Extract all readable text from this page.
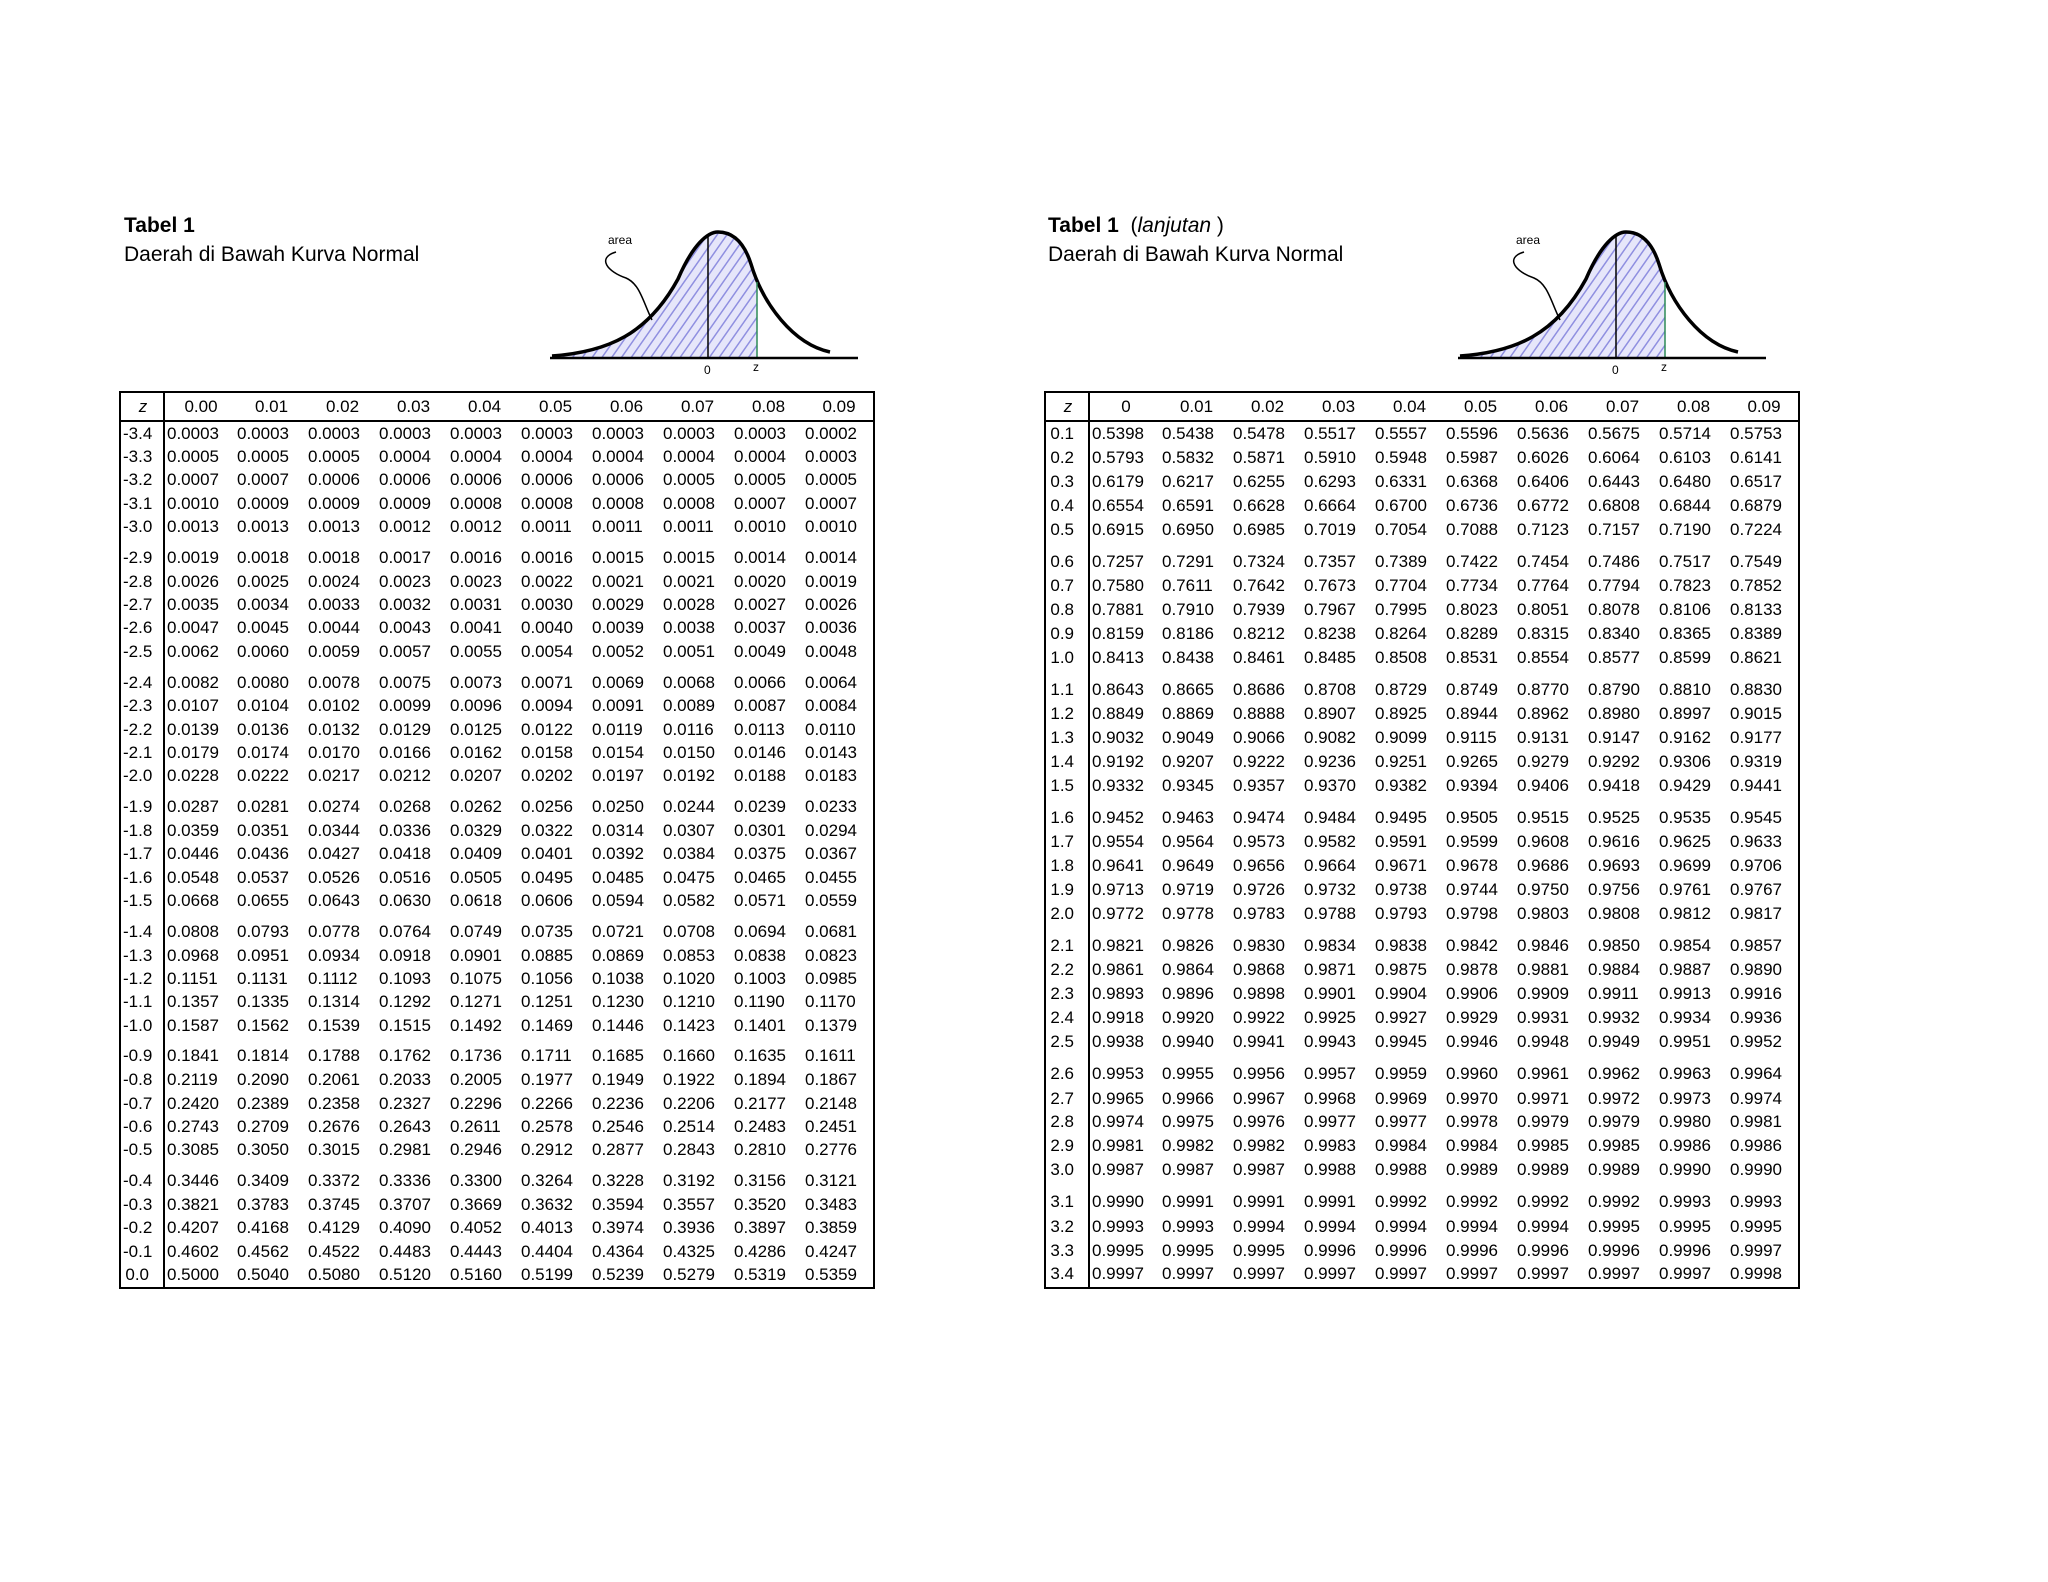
Tabel 1
Daerah di Bawah Kurva Normal
area
0	z
z	0.00	0.01	0.02	0.03	0.04	0.05	0.06	0.07	0.08	0.09
-3.4	0.0003	0.0003	0.0003	0.0003	0.0003	0.0003	0.0003	0.0003	0.0003	0.0002
-3.3	0.0005	0.0005	0.0005	0.0004	0.0004	0.0004	0.0004	0.0004	0.0004	0.0003
-3.2	0.0007	0.0007	0.0006	0.0006	0.0006	0.0006	0.0006	0.0005	0.0005	0.0005
-3.1	0.0010	0.0009	0.0009	0.0009	0.0008	0.0008	0.0008	0.0008	0.0007	0.0007
-3.0	0.0013	0.0013	0.0013	0.0012	0.0012	0.0011	0.0011	0.0011	0.0010	0.0010
-2.9	0.0019	0.0018	0.0018	0.0017	0.0016	0.0016	0.0015	0.0015	0.0014	0.0014
-2.8	0.0026	0.0025	0.0024	0.0023	0.0023	0.0022	0.0021	0.0021	0.0020	0.0019
-2.7	0.0035	0.0034	0.0033	0.0032	0.0031	0.0030	0.0029	0.0028	0.0027	0.0026
-2.6	0.0047	0.0045	0.0044	0.0043	0.0041	0.0040	0.0039	0.0038	0.0037	0.0036
-2.5	0.0062	0.0060	0.0059	0.0057	0.0055	0.0054	0.0052	0.0051	0.0049	0.0048
-2.4	0.0082	0.0080	0.0078	0.0075	0.0073	0.0071	0.0069	0.0068	0.0066	0.0064
-2.3	0.0107	0.0104	0.0102	0.0099	0.0096	0.0094	0.0091	0.0089	0.0087	0.0084
-2.2	0.0139	0.0136	0.0132	0.0129	0.0125	0.0122	0.0119	0.0116	0.0113	0.0110
-2.1	0.0179	0.0174	0.0170	0.0166	0.0162	0.0158	0.0154	0.0150	0.0146	0.0143
-2.0	0.0228	0.0222	0.0217	0.0212	0.0207	0.0202	0.0197	0.0192	0.0188	0.0183
-1.9	0.0287	0.0281	0.0274	0.0268	0.0262	0.0256	0.0250	0.0244	0.0239	0.0233
-1.8	0.0359	0.0351	0.0344	0.0336	0.0329	0.0322	0.0314	0.0307	0.0301	0.0294
-1.7	0.0446	0.0436	0.0427	0.0418	0.0409	0.0401	0.0392	0.0384	0.0375	0.0367
-1.6	0.0548	0.0537	0.0526	0.0516	0.0505	0.0495	0.0485	0.0475	0.0465	0.0455
-1.5	0.0668	0.0655	0.0643	0.0630	0.0618	0.0606	0.0594	0.0582	0.0571	0.0559
-1.4	0.0808	0.0793	0.0778	0.0764	0.0749	0.0735	0.0721	0.0708	0.0694	0.0681
-1.3	0.0968	0.0951	0.0934	0.0918	0.0901	0.0885	0.0869	0.0853	0.0838	0.0823
-1.2	0.1151	0.1131	0.1112	0.1093	0.1075	0.1056	0.1038	0.1020	0.1003	0.0985
-1.1	0.1357	0.1335	0.1314	0.1292	0.1271	0.1251	0.1230	0.1210	0.1190	0.1170
-1.0	0.1587	0.1562	0.1539	0.1515	0.1492	0.1469	0.1446	0.1423	0.1401	0.1379
-0.9	0.1841	0.1814	0.1788	0.1762	0.1736	0.1711	0.1685	0.1660	0.1635	0.1611
-0.8	0.2119	0.2090	0.2061	0.2033	0.2005	0.1977	0.1949	0.1922	0.1894	0.1867
-0.7	0.2420	0.2389	0.2358	0.2327	0.2296	0.2266	0.2236	0.2206	0.2177	0.2148
-0.6	0.2743	0.2709	0.2676	0.2643	0.2611	0.2578	0.2546	0.2514	0.2483	0.2451
-0.5	0.3085	0.3050	0.3015	0.2981	0.2946	0.2912	0.2877	0.2843	0.2810	0.2776
-0.4	0.3446	0.3409	0.3372	0.3336	0.3300	0.3264	0.3228	0.3192	0.3156	0.3121
-0.3	0.3821	0.3783	0.3745	0.3707	0.3669	0.3632	0.3594	0.3557	0.3520	0.3483
-0.2	0.4207	0.4168	0.4129	0.4090	0.4052	0.4013	0.3974	0.3936	0.3897	0.3859
-0.1	0.4602	0.4562	0.4522	0.4483	0.4443	0.4404	0.4364	0.4325	0.4286	0.4247
0.0	0.5000	0.5040	0.5080	0.5120	0.5160	0.5199	0.5239	0.5279	0.5319	0.5359

Tabel 1  (lanjutan )
Daerah di Bawah Kurva Normal
area
0	z
z	0	0.01	0.02	0.03	0.04	0.05	0.06	0.07	0.08	0.09
0.1	0.5398	0.5438	0.5478	0.5517	0.5557	0.5596	0.5636	0.5675	0.5714	0.5753
0.2	0.5793	0.5832	0.5871	0.5910	0.5948	0.5987	0.6026	0.6064	0.6103	0.6141
0.3	0.6179	0.6217	0.6255	0.6293	0.6331	0.6368	0.6406	0.6443	0.6480	0.6517
0.4	0.6554	0.6591	0.6628	0.6664	0.6700	0.6736	0.6772	0.6808	0.6844	0.6879
0.5	0.6915	0.6950	0.6985	0.7019	0.7054	0.7088	0.7123	0.7157	0.7190	0.7224
0.6	0.7257	0.7291	0.7324	0.7357	0.7389	0.7422	0.7454	0.7486	0.7517	0.7549
0.7	0.7580	0.7611	0.7642	0.7673	0.7704	0.7734	0.7764	0.7794	0.7823	0.7852
0.8	0.7881	0.7910	0.7939	0.7967	0.7995	0.8023	0.8051	0.8078	0.8106	0.8133
0.9	0.8159	0.8186	0.8212	0.8238	0.8264	0.8289	0.8315	0.8340	0.8365	0.8389
1.0	0.8413	0.8438	0.8461	0.8485	0.8508	0.8531	0.8554	0.8577	0.8599	0.8621
1.1	0.8643	0.8665	0.8686	0.8708	0.8729	0.8749	0.8770	0.8790	0.8810	0.8830
1.2	0.8849	0.8869	0.8888	0.8907	0.8925	0.8944	0.8962	0.8980	0.8997	0.9015
1.3	0.9032	0.9049	0.9066	0.9082	0.9099	0.9115	0.9131	0.9147	0.9162	0.9177
1.4	0.9192	0.9207	0.9222	0.9236	0.9251	0.9265	0.9279	0.9292	0.9306	0.9319
1.5	0.9332	0.9345	0.9357	0.9370	0.9382	0.9394	0.9406	0.9418	0.9429	0.9441
1.6	0.9452	0.9463	0.9474	0.9484	0.9495	0.9505	0.9515	0.9525	0.9535	0.9545
1.7	0.9554	0.9564	0.9573	0.9582	0.9591	0.9599	0.9608	0.9616	0.9625	0.9633
1.8	0.9641	0.9649	0.9656	0.9664	0.9671	0.9678	0.9686	0.9693	0.9699	0.9706
1.9	0.9713	0.9719	0.9726	0.9732	0.9738	0.9744	0.9750	0.9756	0.9761	0.9767
2.0	0.9772	0.9778	0.9783	0.9788	0.9793	0.9798	0.9803	0.9808	0.9812	0.9817
2.1	0.9821	0.9826	0.9830	0.9834	0.9838	0.9842	0.9846	0.9850	0.9854	0.9857
2.2	0.9861	0.9864	0.9868	0.9871	0.9875	0.9878	0.9881	0.9884	0.9887	0.9890
2.3	0.9893	0.9896	0.9898	0.9901	0.9904	0.9906	0.9909	0.9911	0.9913	0.9916
2.4	0.9918	0.9920	0.9922	0.9925	0.9927	0.9929	0.9931	0.9932	0.9934	0.9936
2.5	0.9938	0.9940	0.9941	0.9943	0.9945	0.9946	0.9948	0.9949	0.9951	0.9952
2.6	0.9953	0.9955	0.9956	0.9957	0.9959	0.9960	0.9961	0.9962	0.9963	0.9964
2.7	0.9965	0.9966	0.9967	0.9968	0.9969	0.9970	0.9971	0.9972	0.9973	0.9974
2.8	0.9974	0.9975	0.9976	0.9977	0.9977	0.9978	0.9979	0.9979	0.9980	0.9981
2.9	0.9981	0.9982	0.9982	0.9983	0.9984	0.9984	0.9985	0.9985	0.9986	0.9986
3.0	0.9987	0.9987	0.9987	0.9988	0.9988	0.9989	0.9989	0.9989	0.9990	0.9990
3.1	0.9990	0.9991	0.9991	0.9991	0.9992	0.9992	0.9992	0.9992	0.9993	0.9993
3.2	0.9993	0.9993	0.9994	0.9994	0.9994	0.9994	0.9994	0.9995	0.9995	0.9995
3.3	0.9995	0.9995	0.9995	0.9996	0.9996	0.9996	0.9996	0.9996	0.9996	0.9997
3.4	0.9997	0.9997	0.9997	0.9997	0.9997	0.9997	0.9997	0.9997	0.9997	0.9998
